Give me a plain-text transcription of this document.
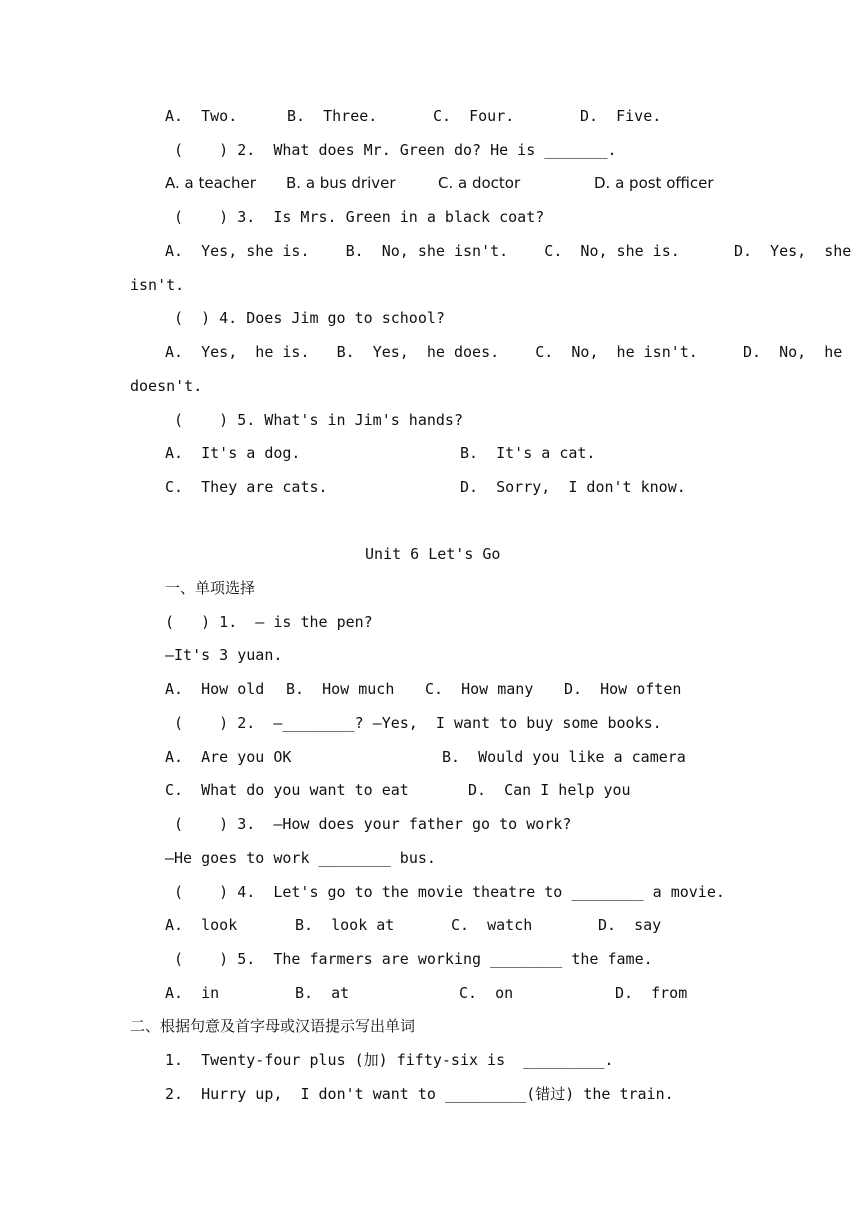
A.  Two.	B.  Three.	C.  Four.	D.  Five.
(    ) 2.  What does Mr. Green do? He is _______.
A. a teacher B. a bus driver	C. a doctor	D. a post officer
(    ) 3.  Is Mrs. Green in a black coat?
A.  Yes, she is.    B.  No, she isn't.    C.  No, she is.      D.  Yes,  she
isn't.
(  ) 4. Does Jim go to school?
A.  Yes,  he is.   B.  Yes,  he does.    C.  No,  he isn't.     D.  No,  he
doesn't.
(    ) 5. What's in Jim's hands?
A.  It's a dog.	B.  It's a cat.
C.  They are cats.	D.  Sorry,  I don't know.
Unit 6 Let's Go
一、单项选择
(   ) 1.  — is the pen?
—It's 3 yuan.
A.  How old B.  How much C.  How many D.  How often
(    ) 2.  —________? —Yes,  I want to buy some books.
A.  Are you OK	B.  Would you like a camera
C.  What do you want to eat	D.  Can I help you
(    ) 3.  —How does your father go to work?
—He goes to work ________ bus.
(    ) 4.  Let's go to the movie theatre to ________ a movie.
A.  look	B.  look at	C.  watch	D.  say
(    ) 5.  The farmers are working ________ the fame.
A.  in	B.  at	C.  on	D.  from
二、根据句意及首字母或汉语提示写出单词
1.  Twenty-four plus (加) fifty-six is  _________.
2.  Hurry up,  I don't want to _________(错过) the train.
